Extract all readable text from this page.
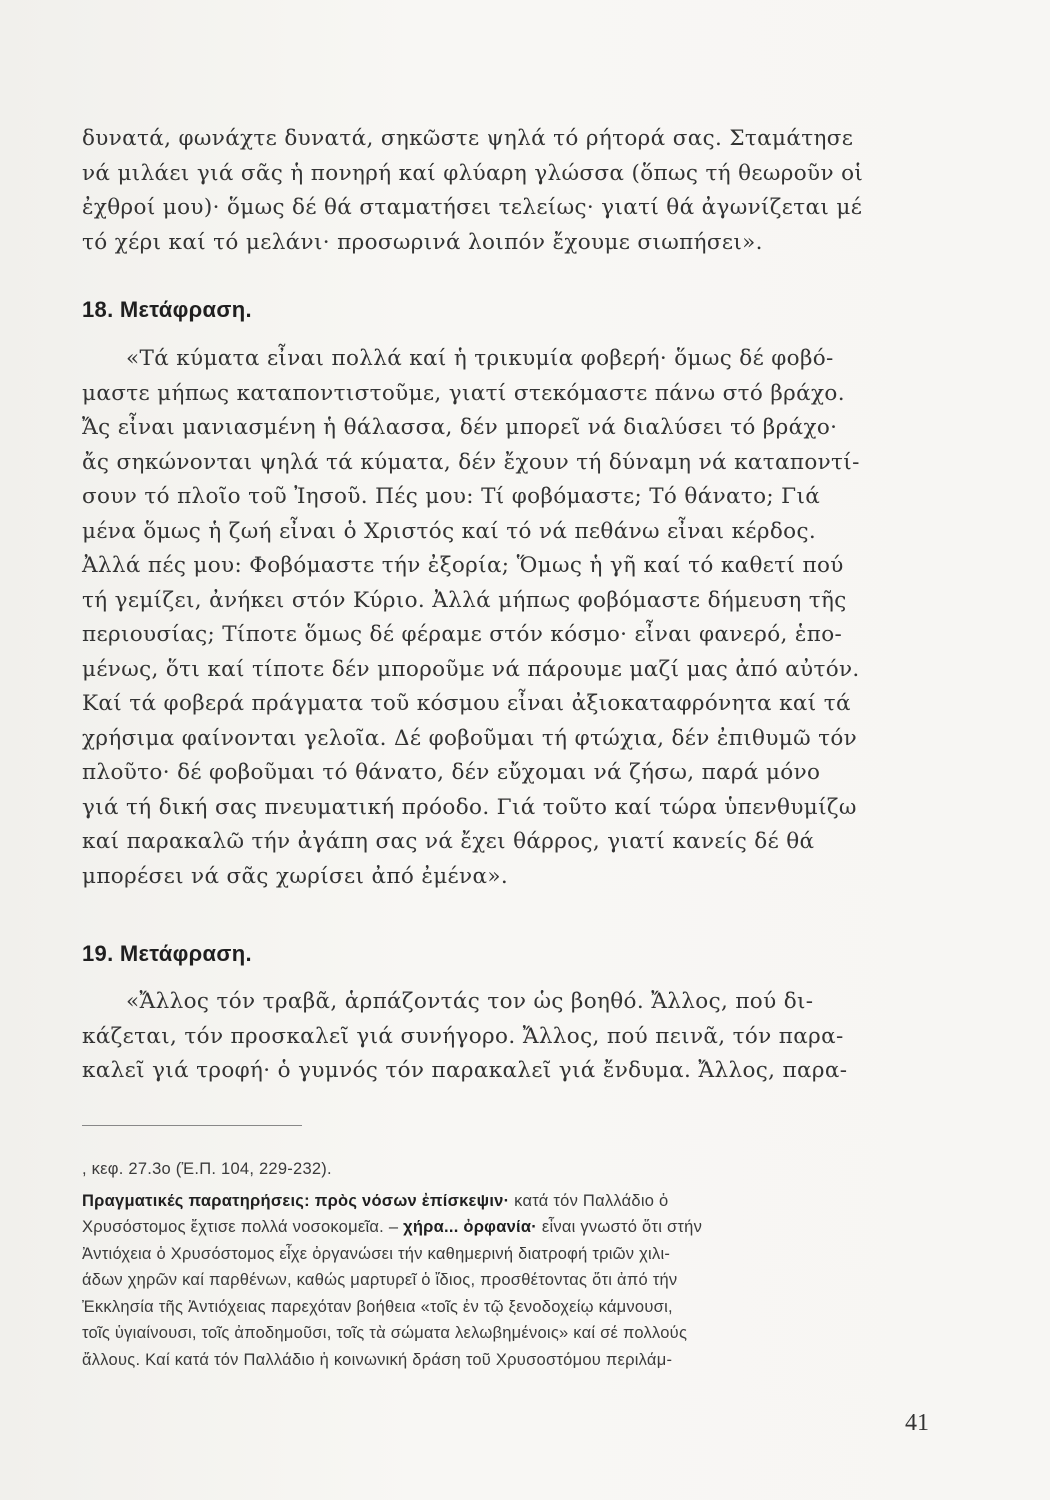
δυνατά, φωνάχτε δυνατά, σηκῶστε ψηλά τό ρήτορά σας. Σταμάτησε
νά μιλάει γιά σᾶς ἡ πονηρή καί φλύαρη γλώσσα (ὅπως τή θεωροῦν οἱ
ἐχθροί μου)· ὅμως δέ θά σταματήσει τελείως· γιατί θά ἀγωνίζεται μέ
τό χέρι καί τό μελάνι· προσωρινά λοιπόν ἔχουμε σιωπήσει».
18. Μετάφραση.
«Τά κύματα εἶναι πολλά καί ἡ τρικυμία φοβερή· ὅμως δέ φοβό-
μαστε μήπως καταποντιστοῦμε, γιατί στεκόμαστε πάνω στό βράχο.
Ἄς εἶναι μανιασμένη ἡ θάλασσα, δέν μπορεῖ νά διαλύσει τό βράχο·
ἄς σηκώνονται ψηλά τά κύματα, δέν ἔχουν τή δύναμη νά καταποντί-
σουν τό πλοῖο τοῦ Ἰησοῦ. Πές μου: Τί φοβόμαστε; Τό θάνατο; Γιά
μένα ὅμως ἡ ζωή εἶναι ὁ Χριστός καί τό νά πεθάνω εἶναι κέρδος.
Ἀλλά πές μου: Φοβόμαστε τήν ἐξορία; Ὅμως ἡ γῆ καί τό καθετί πού
τή γεμίζει, ἀνήκει στόν Κύριο. Ἀλλά μήπως φοβόμαστε δήμευση τῆς
περιουσίας; Τίποτε ὅμως δέ φέραμε στόν κόσμο· εἶναι φανερό, ἑπο-
μένως, ὅτι καί τίποτε δέν μποροῦμε νά πάρουμε μαζί μας ἀπό αὐτόν.
Καί τά φοβερά πράγματα τοῦ κόσμου εἶναι ἀξιοκαταφρόνητα καί τά
χρήσιμα φαίνονται γελοῖα. Δέ φοβοῦμαι τή φτώχια, δέν ἐπιθυμῶ τόν
πλοῦτο· δέ φοβοῦμαι τό θάνατο, δέν εὔχομαι νά ζήσω, παρά μόνο
γιά τή δική σας πνευματική πρόοδο. Γιά τοῦτο καί τώρα ὑπενθυμίζω
καί παρακαλῶ τήν ἀγάπη σας νά ἔχει θάρρος, γιατί κανείς δέ θά
μπορέσει νά σᾶς χωρίσει ἀπό ἐμένα».
19. Μετάφραση.
«Ἄλλος τόν τραβᾶ, ἁρπάζοντάς τον ὡς βοηθό. Ἄλλος, πού δι-
κάζεται, τόν προσκαλεῖ γιά συνήγορο. Ἄλλος, πού πεινᾶ, τόν παρα-
καλεῖ γιά τροφή· ὁ γυμνός τόν παρακαλεῖ γιά ἔνδυμα. Ἄλλος, παρα-
, κεφ. 27.3ο (Ἐ.Π. 104, 229-232).
Πραγματικές παρατηρήσεις: πρὸς νόσων ἐπίσκεψιν· κατά τόν Παλλάδιο ὁ
Χρυσόστομος ἔχτισε πολλά νοσοκομεῖα. – χήρα... ὀρφανία· εἶναι γνωστό ὅτι στήν
Ἀντιόχεια ὁ Χρυσόστομος εἶχε ὀργανώσει τήν καθημερινή διατροφή τριῶν χιλι-
άδων χηρῶν καί παρθένων, καθώς μαρτυρεῖ ὁ ἴδιος, προσθέτοντας ὅτι ἀπό τήν
Ἐκκλησία τῆς Ἀντιόχειας παρεχόταν βοήθεια «τοῖς ἐν τῷ ξενοδοχείῳ κάμνουσι,
τοῖς ὑγιαίνουσι, τοῖς ἀποδημοῦσι, τοῖς τὰ σώματα λελωβημένοις» καί σέ πολλούς
ἄλλους. Καί κατά τόν Παλλάδιο ἡ κοινωνική δράση τοῦ Χρυσοστόμου περιλάμ-
41
